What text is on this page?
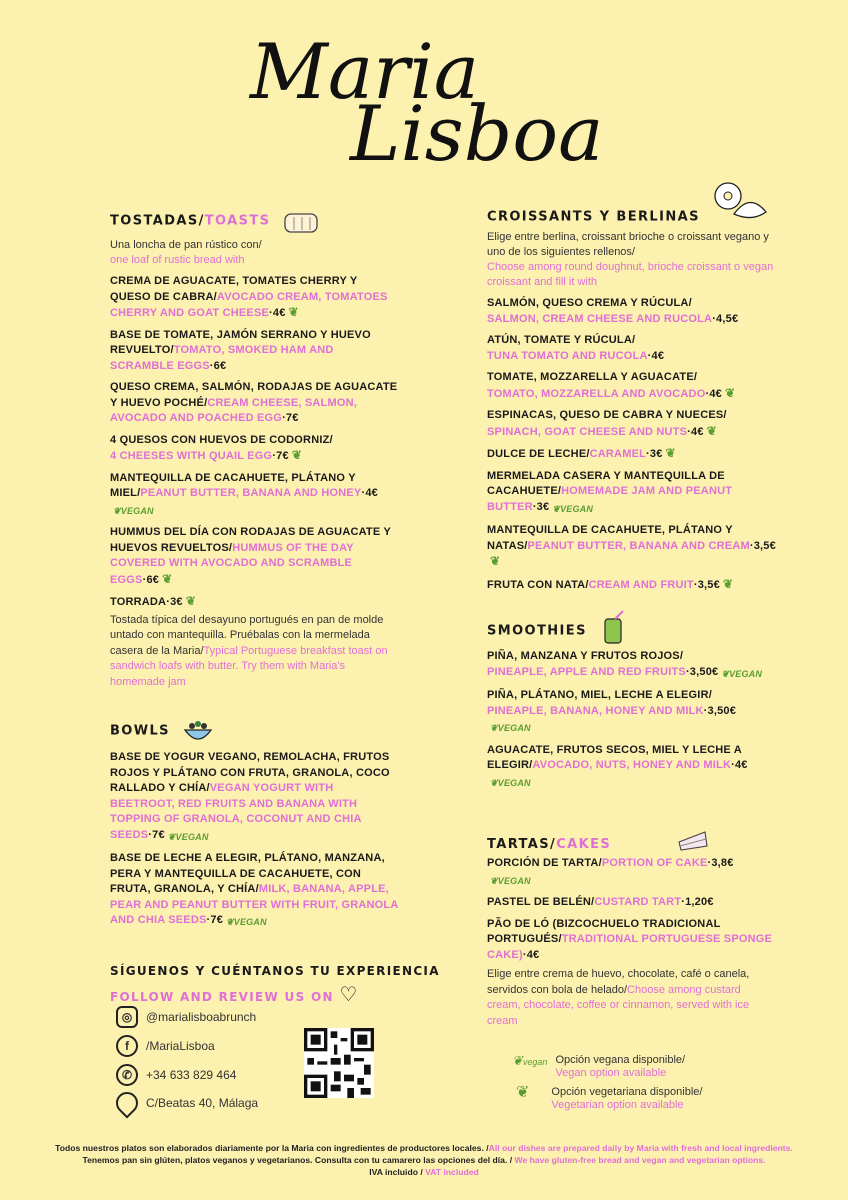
Maria
Lisboa
TOSTADAS/TOASTS
Una loncha de pan rústico con/
one loaf of rustic bread with
CREMA DE AGUACATE, TOMATES CHERRY Y QUESO DE CABRA/AVOCADO CREAM, TOMATOES CHERRY AND GOAT CHEESE·4€ ❦
BASE DE TOMATE, JAMÓN SERRANO Y HUEVO REVUELTO/TOMATO, SMOKED HAM AND SCRAMBLE EGGS·6€
QUESO CREMA, SALMÓN, RODAJAS DE AGUACATE Y HUEVO POCHÉ/CREAM CHEESE, SALMON, AVOCADO AND POACHED EGG·7€
4 QUESOS CON HUEVOS DE CODORNIZ/
4 CHEESES WITH QUAIL EGG·7€ ❦
MANTEQUILLA DE CACAHUETE, PLÁTANO Y MIEL/PEANUT BUTTER, BANANA AND HONEY·4€❦VEGAN
HUMMUS DEL DÍA CON RODAJAS DE AGUACATE Y HUEVOS REVUELTOS/HUMMUS OF THE DAY COVERED WITH AVOCADO AND SCRAMBLE EGGS·6€ ❦
TORRADA·3€ ❦
Tostada típica del desayuno portugués en pan de molde untado con mantequilla. Pruébalas con la mermelada casera de la Maria/Typical Portuguese breakfast toast on sandwich loafs with butter. Try them with Maria's homemade jam
BOWLS
BASE DE YOGUR VEGANO, REMOLACHA, FRUTOS ROJOS Y PLÁTANO CON FRUTA, GRANOLA, COCO RALLADO Y CHÍA/VEGAN YOGURT WITH BEETROOT, RED FRUITS AND BANANA WITH TOPPING OF GRANOLA, COCONUT AND CHIA SEEDS·7€ ❦VEGAN
BASE DE LECHE A ELEGIR, PLÁTANO, MANZANA, PERA Y MANTEQUILLA DE CACAHUETE, CON FRUTA, GRANOLA, Y CHÍA/MILK, BANANA, APPLE, PEAR AND PEANUT BUTTER WITH FRUIT, GRANOLA AND CHIA SEEDS·7€ ❦VEGAN
CROISSANTS Y BERLINAS
Elige entre berlina, croissant brioche o croissant vegano y uno de los siguientes rellenos/
Choose among round doughnut, brioche croissant o vegan croissant and fill it with
SALMÓN, QUESO CREMA Y RÚCULA/
SALMON, CREAM CHEESE AND RUCOLA·4,5€
ATÚN, TOMATE Y RÚCULA/
TUNA TOMATO AND RUCOLA·4€
TOMATE, MOZZARELLA Y AGUACATE/
TOMATO, MOZZARELLA AND AVOCADO·4€ ❦
ESPINACAS, QUESO DE CABRA Y NUECES/
SPINACH, GOAT CHEESE AND NUTS·4€ ❦
DULCE DE LECHE/CARAMEL·3€ ❦
MERMELADA CASERA Y MANTEQUILLA DE CACAHUETE/HOMEMADE JAM AND PEANUT BUTTER·3€ ❦VEGAN
MANTEQUILLA DE CACAHUETE, PLÁTANO Y NATAS/PEANUT BUTTER, BANANA AND CREAM·3,5€❦
FRUTA CON NATA/CREAM AND FRUIT·3,5€ ❦
SMOOTHIES
PIÑA, MANZANA Y FRUTOS ROJOS/
PINEAPLE, APPLE AND RED FRUITS·3,50€ ❦VEGAN
PIÑA, PLÁTANO, MIEL, LECHE A ELEGIR/
PINEAPLE, BANANA, HONEY AND MILK·3,50€❦VEGAN
AGUACATE, FRUTOS SECOS, MIEL Y LECHE A ELEGIR/AVOCADO, NUTS, HONEY AND MILK·4€❦VEGAN
TARTAS/CAKES
PORCIÓN DE TARTA/PORTION OF CAKE·3,8€❦VEGAN
PASTEL DE BELÉN/CUSTARD TART·1,20€
PÃO DE LÓ (BIZCOCHUELO TRADICIONAL PORTUGUÉS/TRADITIONAL PORTUGUESE SPONGE CAKE)·4€
Elige entre crema de huevo, chocolate, café o canela, servidos con bola de helado/Choose among custard cream, chocolate, coffee or cinnamon, served with ice cream
SÍGUENOS Y CUÉNTANOS TU EXPERIENCIA
FOLLOW AND REVIEW US ON ♡
◎	@marialisboabrunch
f	/MariaLisboa
✆	+34 633 829 464
C/Beatas 40, Málaga
❦vegan Opción vegana disponible/
Vegan option available
❦ Opción vegetariana disponible/
Vegetarian option available
Todos nuestros platos son elaborados diariamente por la Maria con ingredientes de productores locales. /All our dishes are prepared daily by Maria with fresh and local ingredients.
Tenemos pan sin glúten, platos veganos y vegetarianos. Consulta con tu camarero las opciones del día. / We have gluten-free bread and vegan and vegetarian options.
IVA incluido / VAT included
